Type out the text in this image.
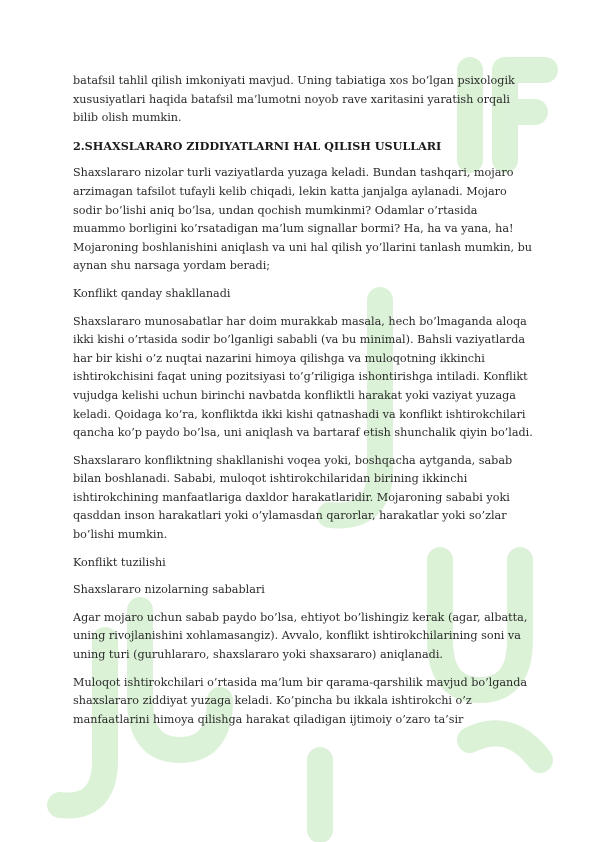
batafsil tahlil qilish imkoniyati mavjud. Uning tabiatiga xos bo’lgan psixologik xususiyatlari haqida batafsil ma’lumotni noyob rave xaritasini yaratish orqali bilib olish mumkin.

2.SHAXSLARARO ZIDDIYATLARNI HAL QILISH USULLARI

Shaxslararo nizolar turli vaziyatlarda yuzaga keladi. Bundan tashqari, mojaro arzimagan tafsilot tufayli kelib chiqadi, lekin katta janjalga aylanadi. Mojaro sodir bo’lishi aniq bo’lsa, undan qochish mumkinmi? Odamlar o’rtasida muammo borligini ko’rsatadigan ma’lum signallar bormi? Ha, ha va yana, ha! Mojaroning boshlanishini aniqlash va uni hal qilish yo’llarini tanlash mumkin, bu aynan shu narsaga yordam beradi;

Konflikt qanday shakllanadi

Shaxslararo munosabatlar har doim murakkab masala, hech bo’lmaganda aloqa ikki kishi o’rtasida sodir bo’lganligi sababli (va bu minimal). Bahsli vaziyatlarda har bir kishi o’z nuqtai nazarini himoya qilishga va muloqotning ikkinchi ishtirokchisini faqat uning pozitsiyasi to’g’riligiga ishontirishga intiladi. Konflikt vujudga kelishi uchun birinchi navbatda konfliktli harakat yoki vaziyat yuzaga keladi. Qoidaga ko’ra, konfliktda ikki kishi qatnashadi va konflikt ishtirokchilari qancha ko’p paydo bo’lsa, uni aniqlash va bartaraf etish shunchalik qiyin bo’ladi.

Shaxslararo konfliktning shakllanishi voqea yoki, boshqacha aytganda, sabab bilan boshlanadi. Sababi, muloqot ishtirokchilaridan birining ikkinchi ishtirokchining manfaatlariga daxldor harakatlaridir. Mojaroning sababi yoki qasddan inson harakatlari yoki o’ylamasdan qarorlar, harakatlar yoki so’zlar bo’lishi mumkin.

Konflikt tuzilishi

Shaxslararo nizolarning sabablari

Agar mojaro uchun sabab paydo bo’lsa, ehtiyot bo’lishingiz kerak (agar, albatta, uning rivojlanishini xohlamasangiz). Avvalo, konflikt ishtirokchilarining soni va uning turi (guruhlararo, shaxslararo yoki shaxsararo) aniqlanadi.

Muloqot ishtirokchilari o’rtasida ma’lum bir qarama-qarshilik mavjud bo’lganda shaxslararo ziddiyat yuzaga keladi. Ko’pincha bu ikkala ishtirokchi o’z manfaatlarini himoya qilishga harakat qiladigan ijtimoiy o’zaro ta’sir
